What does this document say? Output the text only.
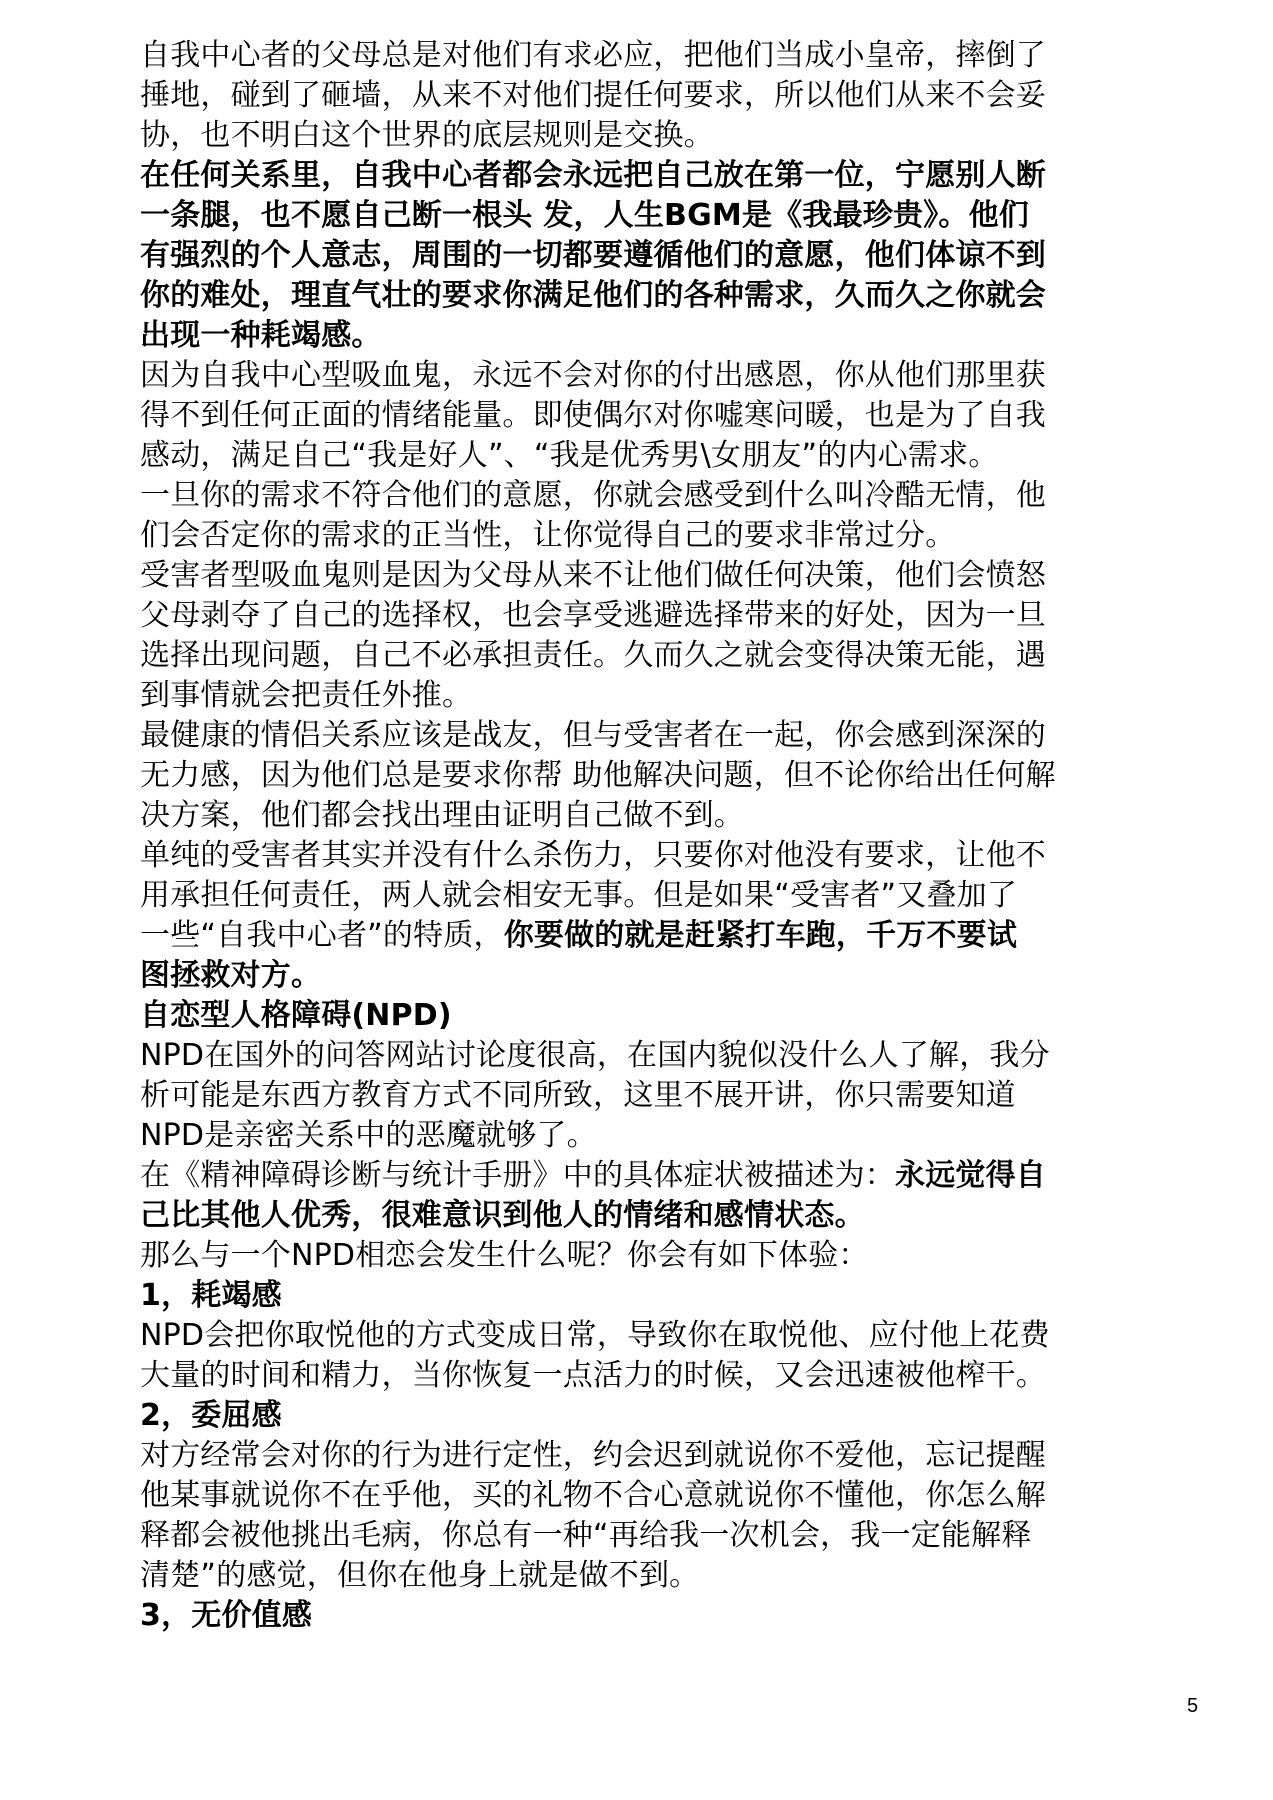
自我中心者的父母总是对他们有求必应，把他们当成小皇帝，摔倒了
捶地，碰到了砸墙，从来不对他们提任何要求，所以他们从来不会妥
协，也不明白这个世界的底层规则是交换。
在任何关系里，自我中心者都会永远把自己放在第一位，宁愿别人断
一条腿，也不愿自己断一根头 发，人生BGM是《我最珍贵》。他们
有强烈的个人意志，周围的一切都要遵循他们的意愿，他们体谅不到
你的难处，理直气壮的要求你满足他们的各种需求，久而久之你就会
出现一种耗竭感。
因为自我中心型吸血鬼，永远不会对你的付出感恩，你从他们那里获
得不到任何正面的情绪能量。即使偶尔对你嘘寒问暖，也是为了自我
感动，满足自己“我是好人”、“我是优秀男\女朋友”的内心需求。
一旦你的需求不符合他们的意愿，你就会感受到什么叫冷酷无情，他
们会否定你的需求的正当性，让你觉得自己的要求非常过分。
受害者型吸血鬼则是因为父母从来不让他们做任何决策，他们会愤怒
父母剥夺了自己的选择权，也会享受逃避选择带来的好处，因为一旦
选择出现问题，自己不必承担责任。久而久之就会变得决策无能，遇
到事情就会把责任外推。
最健康的情侣关系应该是战友，但与受害者在一起，你会感到深深的
无力感，因为他们总是要求你帮 助他解决问题，但不论你给出任何解
决方案，他们都会找出理由证明自己做不到。
单纯的受害者其实并没有什么杀伤力，只要你对他没有要求，让他不
用承担任何责任，两人就会相安无事。但是如果“受害者”又叠加了
一些“自我中心者”的特质，你要做的就是赶紧打车跑，千万不要试
图拯救对方。
自恋型人格障碍(NPD)
NPD在国外的问答网站讨论度很高，在国内貌似没什么人了解，我分
析可能是东西方教育方式不同所致，这里不展开讲，你只需要知道
NPD是亲密关系中的恶魔就够了。
在《精神障碍诊断与统计手册》中的具体症状被描述为：永远觉得自
己比其他人优秀，很难意识到他人的情绪和感情状态。
那么与一个NPD相恋会发生什么呢？你会有如下体验：
1，耗竭感
NPD会把你取悦他的方式变成日常，导致你在取悦他、应付他上花费
大量的时间和精力，当你恢复一点活力的时候，又会迅速被他榨干。
2，委屈感
对方经常会对你的行为进行定性，约会迟到就说你不爱他，忘记提醒
他某事就说你不在乎他，买的礼物不合心意就说你不懂他，你怎么解
释都会被他挑出毛病，你总有一种“再给我一次机会，我一定能解释
清楚”的感觉，但你在他身上就是做不到。
3，无价值感
5
